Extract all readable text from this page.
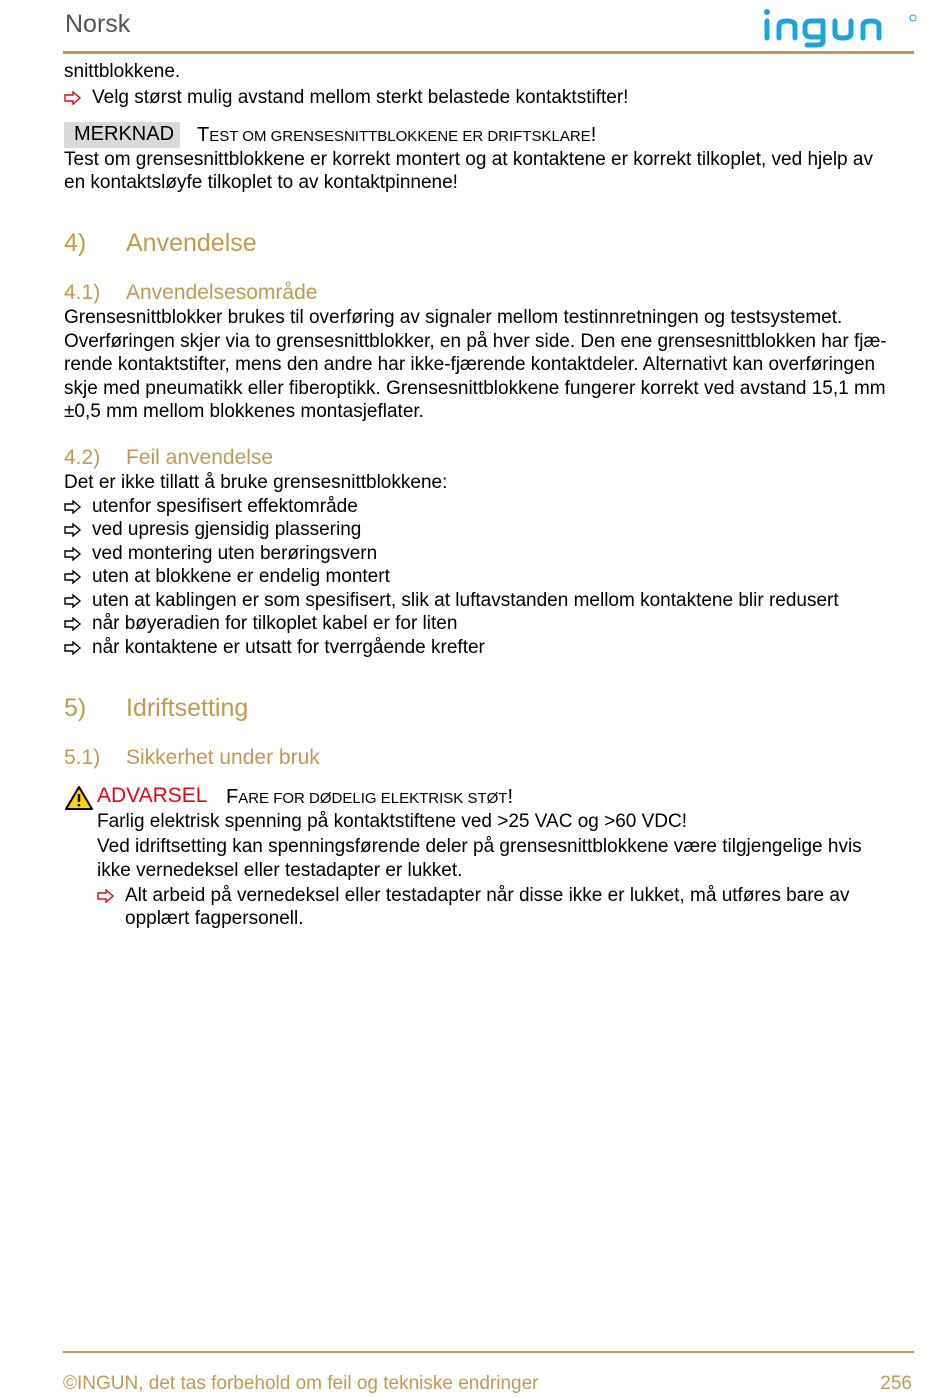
Norsk
snittblokkene.
Velg størst mulig avstand mellom sterkt belastede kontaktstifter!
MERKNAD TEST OM GRENSESNITTBLOKKENE ER DRIFTSKLARE!
Test om grensesnittblokkene er korrekt montert og at kontaktene er korrekt tilkoplet, ved hjelp av
en kontaktsløyfe tilkoplet to av kontaktpinnene!
4) Anvendelse
4.1) Anvendelsesområde
Grensesnittblokker brukes til overføring av signaler mellom testinnretningen og testsystemet.
Overføringen skjer via to grensesnittblokker, en på hver side. Den ene grensesnittblokken har fjæ-
rende kontaktstifter, mens den andre har ikke-fjærende kontaktdeler. Alternativt kan overføringen
skje med pneumatikk eller fiberoptikk. Grensesnittblokkene fungerer korrekt ved avstand 15,1 mm
±0,5 mm mellom blokkenes montasjeflater.
4.2) Feil anvendelse
Det er ikke tillatt å bruke grensesnittblokkene:
utenfor spesifisert effektområde
ved upresis gjensidig plassering
ved montering uten berøringsvern
uten at blokkene er endelig montert
uten at kablingen er som spesifisert, slik at luftavstanden mellom kontaktene blir redusert
når bøyeradien for tilkoplet kabel er for liten
når kontaktene er utsatt for tverrgående krefter
5) Idriftsetting
5.1) Sikkerhet under bruk
ADVARSEL FARE FOR DØDELIG ELEKTRISK STØT!
Farlig elektrisk spenning på kontaktstiftene ved >25 VAC og >60 VDC!
Ved idriftsetting kan spenningsførende deler på grensesnittblokkene være tilgjengelige hvis
ikke vernedeksel eller testadapter er lukket.
Alt arbeid på vernedeksel eller testadapter når disse ikke er lukket, må utføres bare av
opplært fagpersonell.
©INGUN, det tas forbehold om feil og tekniske endringer	256
